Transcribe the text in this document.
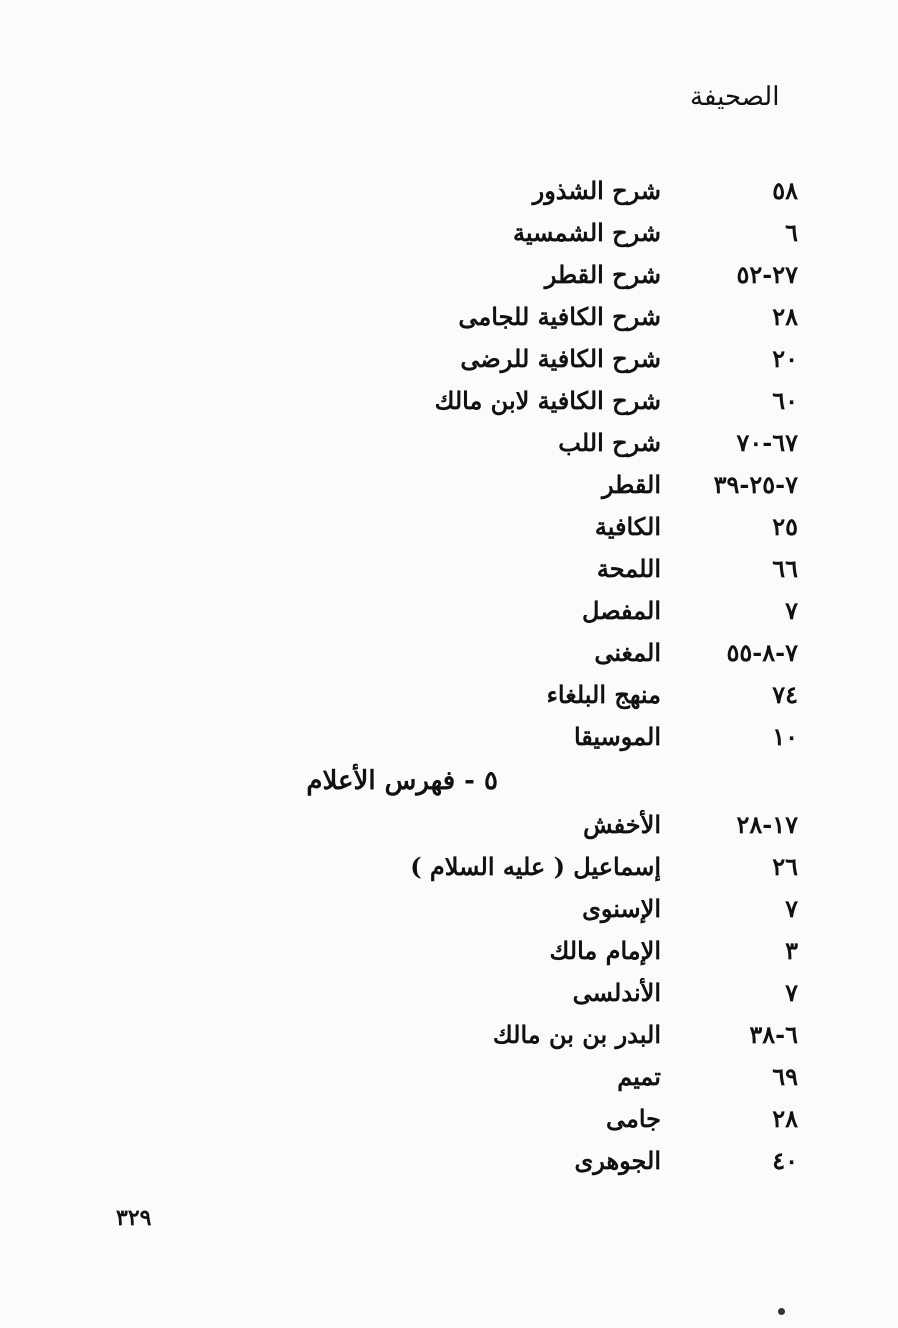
الصحيفة
٥٨
شرح الشذور
٦
شرح الشمسية
٢٧-٥٢
شرح القطر
٢٨
شرح الكافية للجامى
٢٠
شرح الكافية للرضى
٦٠
شرح الكافية لابن مالك
٦٧-٧٠
شرح اللب
٧-٢٥-٣٩
القطر
٢٥
الكافية
٦٦
اللمحة
٧
المفصل
٧-٨-٥٥
المغنى
٧٤
منهج البلغاء
١٠
الموسيقا
٥ - فهرس الأعلام
١٧-٢٨
الأخفش
٢٦
إسماعيل ( عليه السلام )
٧
الإسنوى
٣
الإمام مالك
٧
الأندلسى
٦-٣٨
البدر بن بن مالك
٦٩
تميم
٢٨
جامى
٤٠
الجوهرى
٣٢٩
